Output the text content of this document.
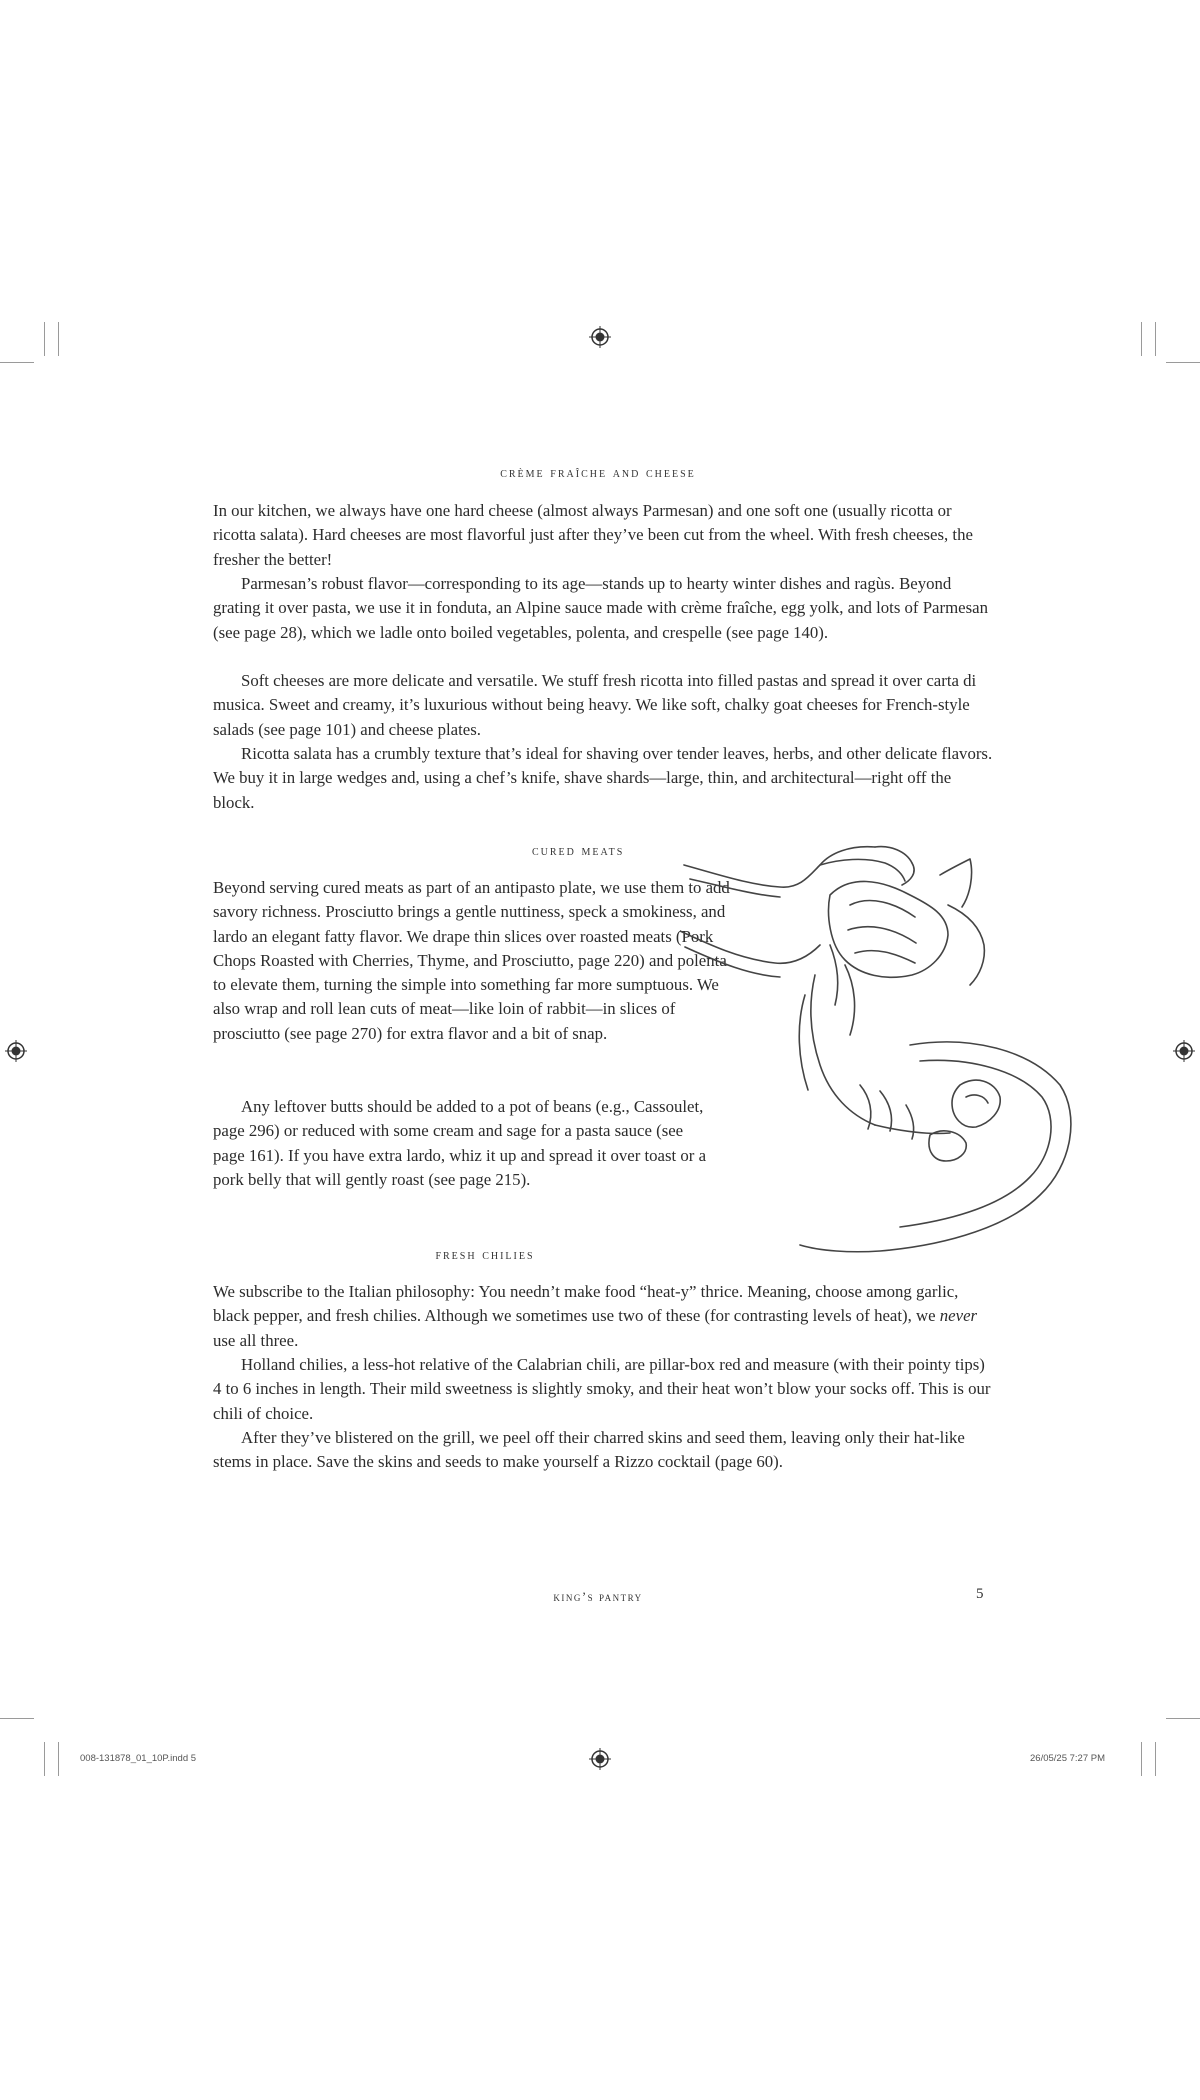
crème fraîche and cheese

In our kitchen, we always have one hard cheese (almost always Parmesan) and one soft one (usually ricotta or ricotta salata). Hard cheeses are most flavorful just after they’ve been cut from the wheel. With fresh cheeses, the fresher the better!

Parmesan’s robust flavor—corresponding to its age—stands up to hearty winter dishes and ragùs. Beyond grating it over pasta, we use it in fonduta, an Alpine sauce made with crème fraîche, egg yolk, and lots of Parmesan (see page 28), which we ladle onto boiled vegetables, polenta, and crespelle (see page 140).

Soft cheeses are more delicate and versatile. We stuff fresh ricotta into filled pastas and spread it over carta di musica. Sweet and creamy, it’s luxurious without being heavy. We like soft, chalky goat cheeses for French-style salads (see page 101) and cheese plates.

Ricotta salata has a crumbly texture that’s ideal for shaving over tender leaves, herbs, and other delicate flavors. We buy it in large wedges and, using a chef’s knife, shave shards—large, thin, and architectural—right off the block.

cured meats

Beyond serving cured meats as part of an antipasto plate, we use them to add savory richness. Prosciutto brings a gentle nuttiness, speck a smokiness, and lardo an elegant fatty flavor. We drape thin slices over roasted meats (Pork Chops Roasted with Cherries, Thyme, and Prosciutto, page 220) and polenta to elevate them, turning the simple into something far more sumptuous. We also wrap and roll lean cuts of meat—like loin of rabbit—in slices of prosciutto (see page 270) for extra flavor and a bit of snap.

Any leftover butts should be added to a pot of beans (e.g., Cassoulet, page 296) or reduced with some cream and sage for a pasta sauce (see page 161). If you have extra lardo, whiz it up and spread it over toast or a pork belly that will gently roast (see page 215).

fresh chilies

We subscribe to the Italian philosophy: You needn’t make food “heat-y” thrice. Meaning, choose among garlic, black pepper, and fresh chilies. Although we sometimes use two of these (for contrasting levels of heat), we never use all three.

Holland chilies, a less-hot relative of the Calabrian chili, are pillar-box red and measure (with their pointy tips) 4 to 6 inches in length. Their mild sweetness is slightly smoky, and their heat won’t blow your socks off. This is our chili of choice.

After they’ve blistered on the grill, we peel off their charred skins and seed them, leaving only their hat-like stems in place. Save the skins and seeds to make yourself a Rizzo cocktail (page 60).

king’s pantry	5
008-131878_01_10P.indd 5	26/05/25 7:27 PM
